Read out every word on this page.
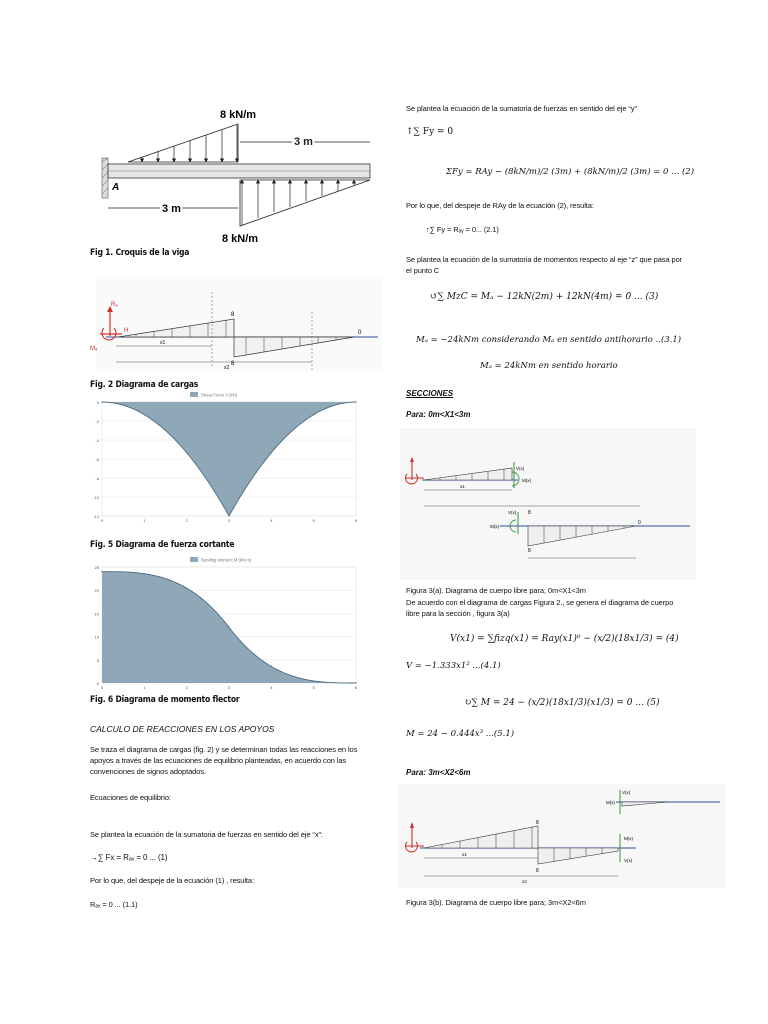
8 kN/m
3 m
8 kN/m
3 m
A
Fig 1. Croquis de la viga
x1
x2
8
8
0
Rₐ
H
Mₐ
Fig. 2 Diagrama de cargas
0
-2
-4
-6
-8
-10
-12
0	1	2	3	4	5	6
Shear Force V (kN)
Fig. 5 Diagrama de fuerza cortante
25
20
15
10
5
0
0	1	2	3	4	5	6
Bending Moment M (kN·m)
Fig. 6 Diagrama de momento flector
CALCULO DE REACCIONES EN LOS APOYOS
Se traza el diagrama de cargas (fig. 2) y se determinan todas las reacciones en los apoyos a través de las ecuaciones de equilibrio planteadas, en acuerdo con las convenciones de signos adoptados.
Ecuaciones de equilibrio:
Se plantea la ecuación de la sumatoria de fuerzas en sentido del eje “x”:
→∑ Fx = Rₐₓ = 0 ... (1)
Por lo que, del despeje de la ecuación (1) , resulta:
Rₐₓ = 0 ... (1.1)
Se plantea la ecuación de la sumatoria de fuerzas en sentido del eje “y”
↑∑ Fy = 0
ΣFy = RAy − (8kN/m)/2 (3m) + (8kN/m)/2 (3m) = 0 ... (2)
Por lo que, del despeje de RAy de la ecuación (2), resulta:
↑∑ Fy = Rₐᵧ = 0... (2.1)
Se plantea la ecuación de la sumatoria de momentos respecto al eje “z” que pasa por el punto C
↺∑ MzC = Mₐ − 12kN(2m) + 12kN(4m) = 0 ... (3)
Mₐ = −24kNm considerando Mₐ en sentido antihorario ..(3.1)
Mₐ = 24kNm en sentido horario
SECCIONES
Para: 0m<X1<3m
V(x)
M(x)
x1
V(x)
M(x)
8
8
0
Figura 3(a). Diagrama de cuerpo libre para; 0m<X1<3m
De acuerdo con el diagrama de cargas Figura 2., se genera el diagrama de cuerpo libre para la sección , figura 3(a)
V(x1) = ∑fizq(x1) = Ray(x1)⁰ − (x/2)(18x1/3) = (4)
V = −1.333x1² ...(4.1)
↻∑ M = 24 − (x/2)(18x1/3)(x1/3) = 0 ... (5)
M = 24 − 0.444x³ ...(5.1)
Para: 3m<X2<6m
V(x)
M(x)
8
8
M(x)
V(x)
x1
x2
Figura 3(b). Diagrama de cuerpo libre para; 3m<X2<6m
